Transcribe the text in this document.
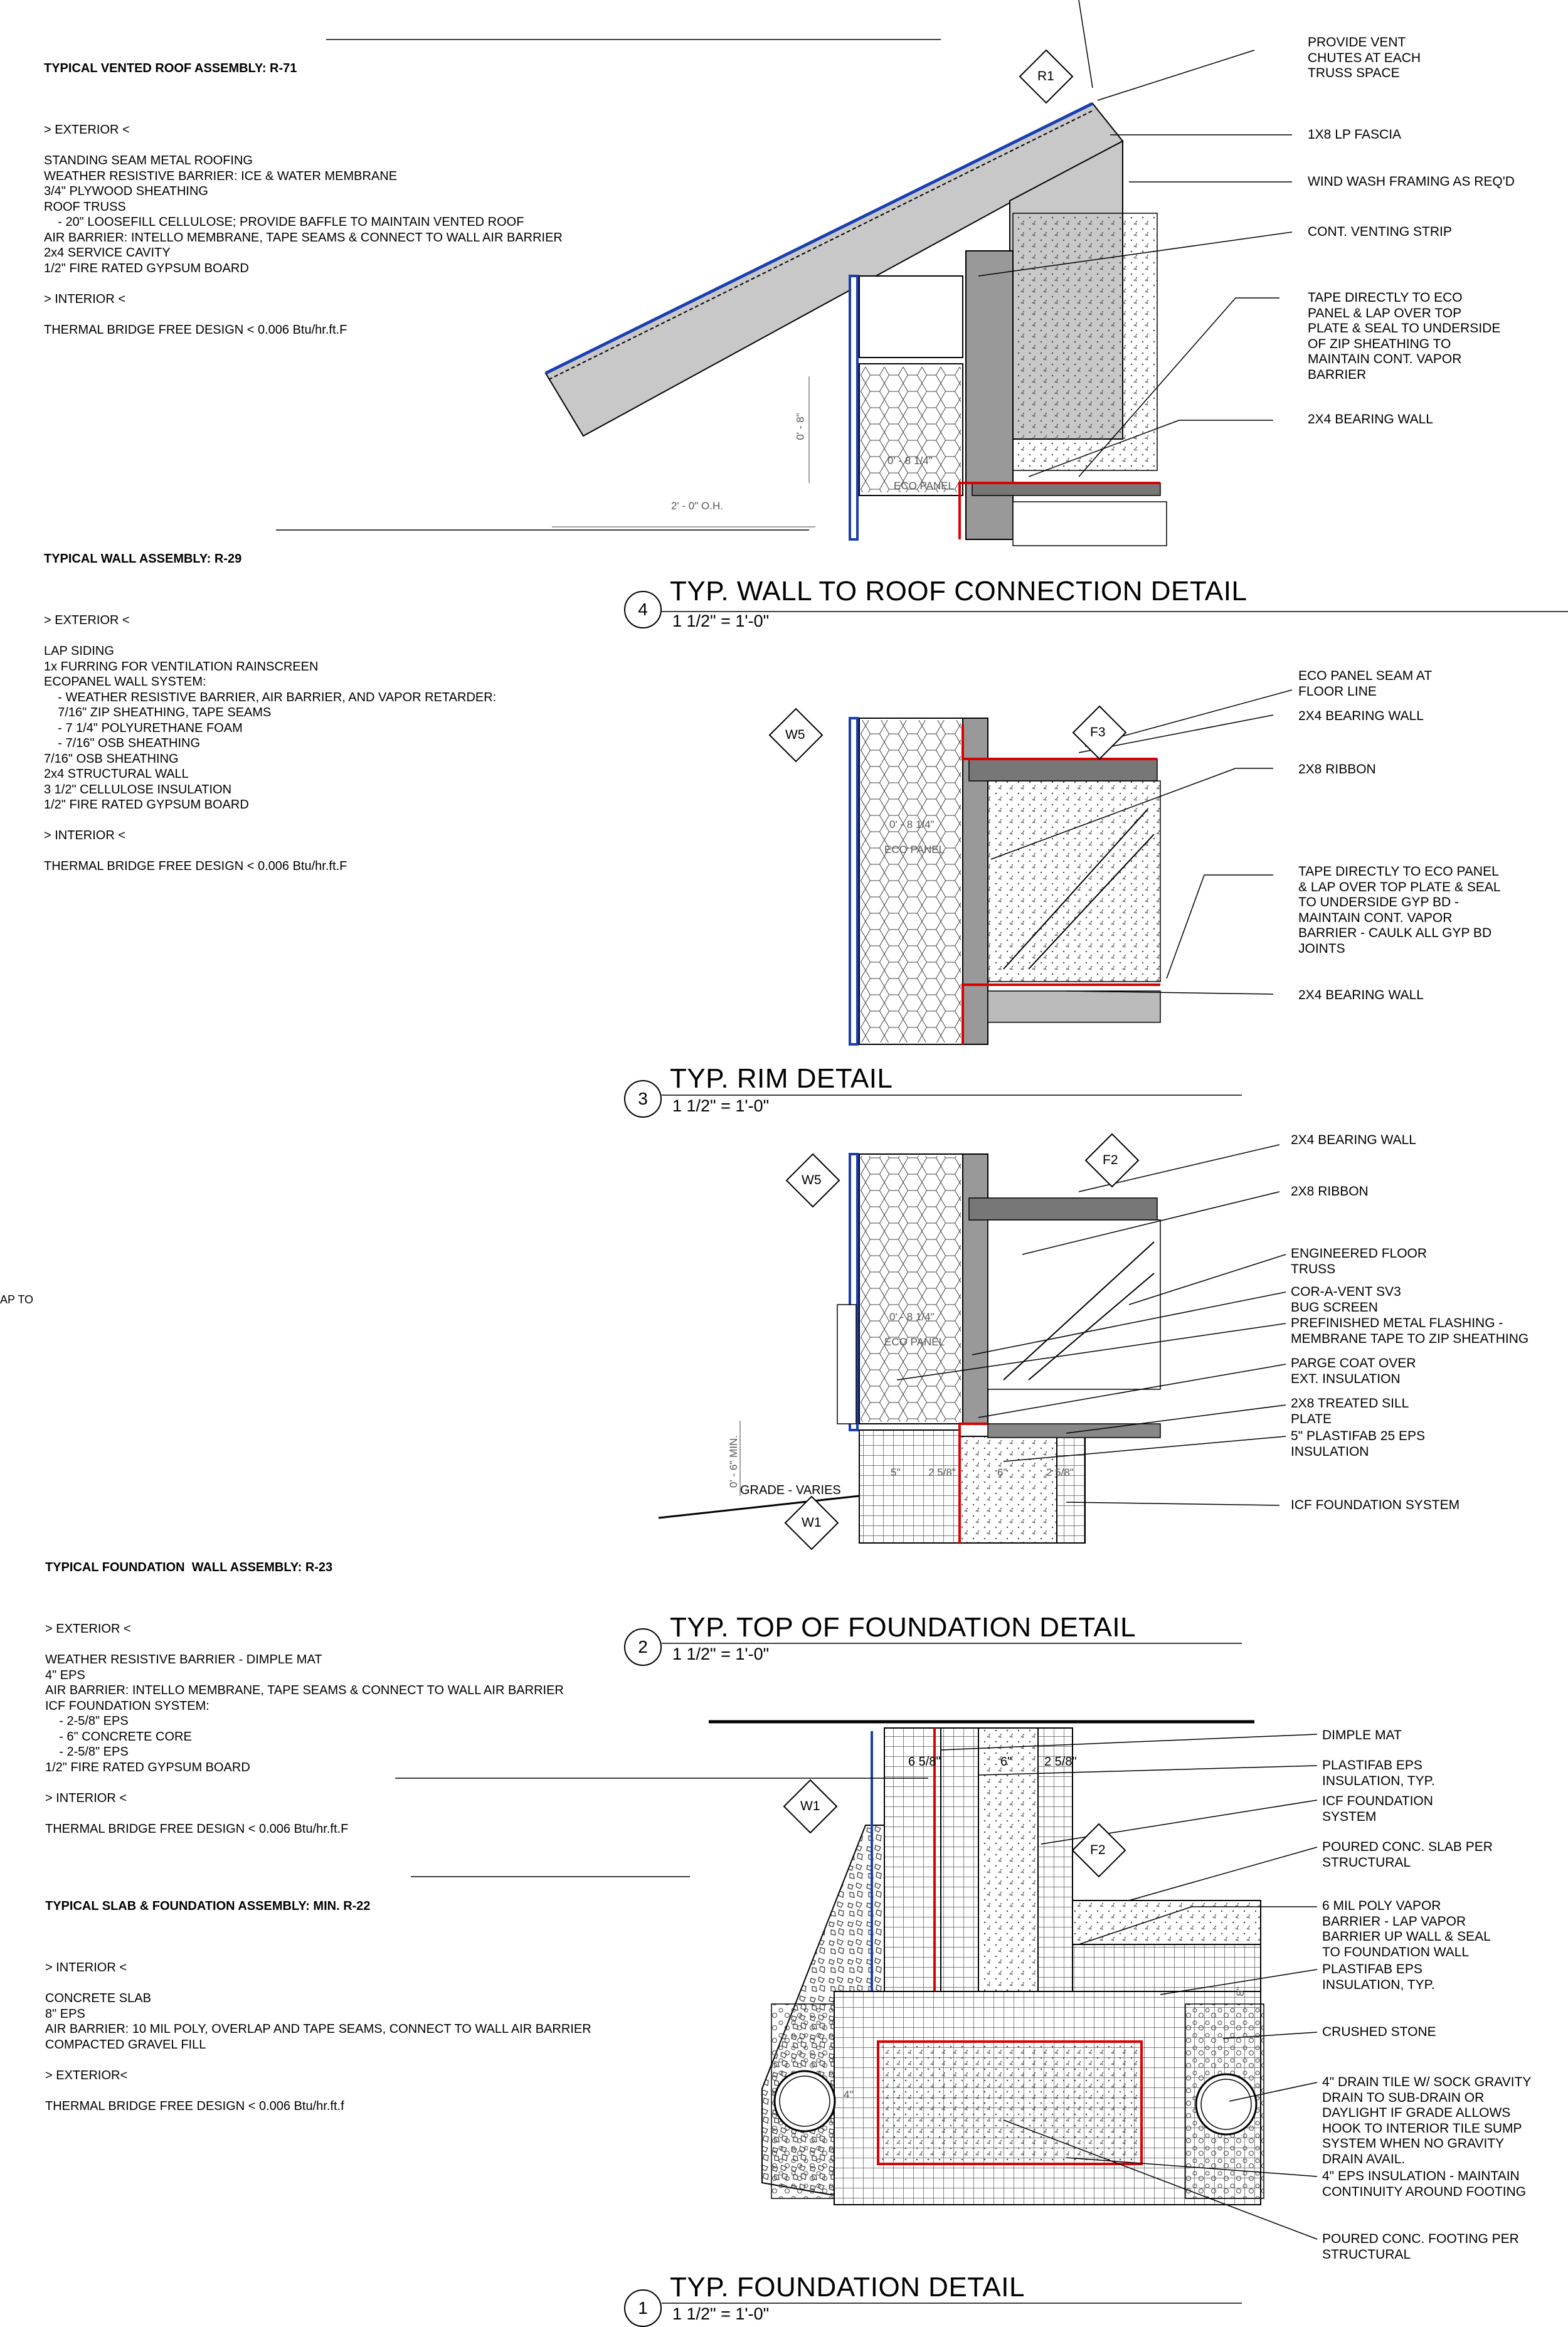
TYPICAL VENTED ROOF ASSEMBLY: R-71

> EXTERIOR <

STANDING SEAM METAL ROOFING
WEATHER RESISTIVE BARRIER: ICE & WATER MEMBRANE
3/4" PLYWOOD SHEATHING
ROOF TRUSS
- 20" LOOSEFILL CELLULOSE; PROVIDE BAFFLE TO MAINTAIN VENTED ROOF
AIR BARRIER: INTELLO MEMBRANE, TAPE SEAMS & CONNECT TO WALL AIR BARRIER
2x4 SERVICE CAVITY
1/2" FIRE RATED GYPSUM BOARD

> INTERIOR <

THERMAL BRIDGE FREE DESIGN < 0.006 Btu/hr.ft.F

TYPICAL WALL ASSEMBLY: R-29

> EXTERIOR <

LAP SIDING
1x FURRING FOR VENTILATION RAINSCREEN
ECOPANEL WALL SYSTEM:
- WEATHER RESISTIVE BARRIER, AIR BARRIER, AND VAPOR RETARDER:
7/16" ZIP SHEATHING, TAPE SEAMS
- 7 1/4" POLYURETHANE FOAM
- 7/16" OSB SHEATHING
7/16" OSB SHEATHING
2x4 STRUCTURAL WALL
3 1/2" CELLULOSE INSULATION
1/2" FIRE RATED GYPSUM BOARD

> INTERIOR <

THERMAL BRIDGE FREE DESIGN < 0.006 Btu/hr.ft.F

TYPICAL FOUNDATION  WALL ASSEMBLY: R-23

> EXTERIOR <

WEATHER RESISTIVE BARRIER - DIMPLE MAT
4" EPS
AIR BARRIER: INTELLO MEMBRANE, TAPE SEAMS & CONNECT TO WALL AIR BARRIER
ICF FOUNDATION SYSTEM:
- 2-5/8" EPS
- 6" CONCRETE CORE
- 2-5/8" EPS
1/2" FIRE RATED GYPSUM BOARD

> INTERIOR <

THERMAL BRIDGE FREE DESIGN < 0.006 Btu/hr.ft.F

TYPICAL SLAB & FOUNDATION ASSEMBLY: MIN. R-22

> INTERIOR <

CONCRETE SLAB
8" EPS
AIR BARRIER: 10 MIL POLY, OVERLAP AND TAPE SEAMS, CONNECT TO WALL AIR BARRIER
COMPACTED GRAVEL FILL

> EXTERIOR<

THERMAL BRIDGE FREE DESIGN < 0.006 Btu/hr.ft.f

AP TO
4
TYP. WALL TO ROOF CONNECTION DETAIL
1 1/2" = 1'-0"
3
TYP. RIM DETAIL
1 1/2" = 1'-0"
2
TYP. TOP OF FOUNDATION DETAIL
1 1/2" = 1'-0"
1
TYP. FOUNDATION DETAIL
1 1/2" = 1'-0"
PROVIDE VENT
CHUTES AT EACH
TRUSS SPACE
1X8 LP FASCIA
WIND WASH FRAMING AS REQ'D
CONT. VENTING STRIP
TAPE DIRECTLY TO ECO
PANEL & LAP OVER TOP
PLATE & SEAL TO UNDERSIDE
OF ZIP SHEATHING TO
MAINTAIN CONT. VAPOR
BARRIER
2X4 BEARING WALL
ECO PANEL SEAM AT
FLOOR LINE
2X4 BEARING WALL
2X8 RIBBON
TAPE DIRECTLY TO ECO PANEL
& LAP OVER TOP PLATE & SEAL
TO UNDERSIDE GYP BD -
MAINTAIN CONT. VAPOR
BARRIER - CAULK ALL GYP BD
JOINTS
2X4 BEARING WALL
2X4 BEARING WALL
2X8 RIBBON
ENGINEERED FLOOR
TRUSS
COR-A-VENT SV3
BUG SCREEN
PREFINISHED METAL FLASHING -
MEMBRANE TAPE TO ZIP SHEATHING
PARGE COAT OVER
EXT. INSULATION
2X8 TREATED SILL
PLATE
5" PLASTIFAB 25 EPS
INSULATION
ICF FOUNDATION SYSTEM
DIMPLE MAT
PLASTIFAB EPS
INSULATION, TYP.
ICF FOUNDATION
SYSTEM
POURED CONC. SLAB PER
STRUCTURAL
6 MIL POLY VAPOR
BARRIER - LAP VAPOR
BARRIER UP WALL & SEAL
TO FOUNDATION WALL
PLASTIFAB EPS
INSULATION, TYP.
CRUSHED STONE
4" DRAIN TILE W/ SOCK GRAVITY
DRAIN TO SUB-DRAIN OR
DAYLIGHT IF GRADE ALLOWS
HOOK TO INTERIOR TILE SUMP
SYSTEM WHEN NO GRAVITY
DRAIN AVAIL.
4" EPS INSULATION - MAINTAIN
CONTINUITY AROUND FOOTING
POURED CONC. FOOTING PER
STRUCTURAL
R1
W5	F3
W5
F2
W1
W1
F2
0' - 8"
0' - 8 1/4"
ECO PANEL
2' - 0" O.H.
0' - 8 1/4"
ECO PANEL
0' - 8 1/4"
ECO PANEL
0' - 6" MIN.	5"	2 5/8"	6"	2 5/8"
GRADE - VARIES
6 5/8"	6"	2 5/8"
8"
4"
